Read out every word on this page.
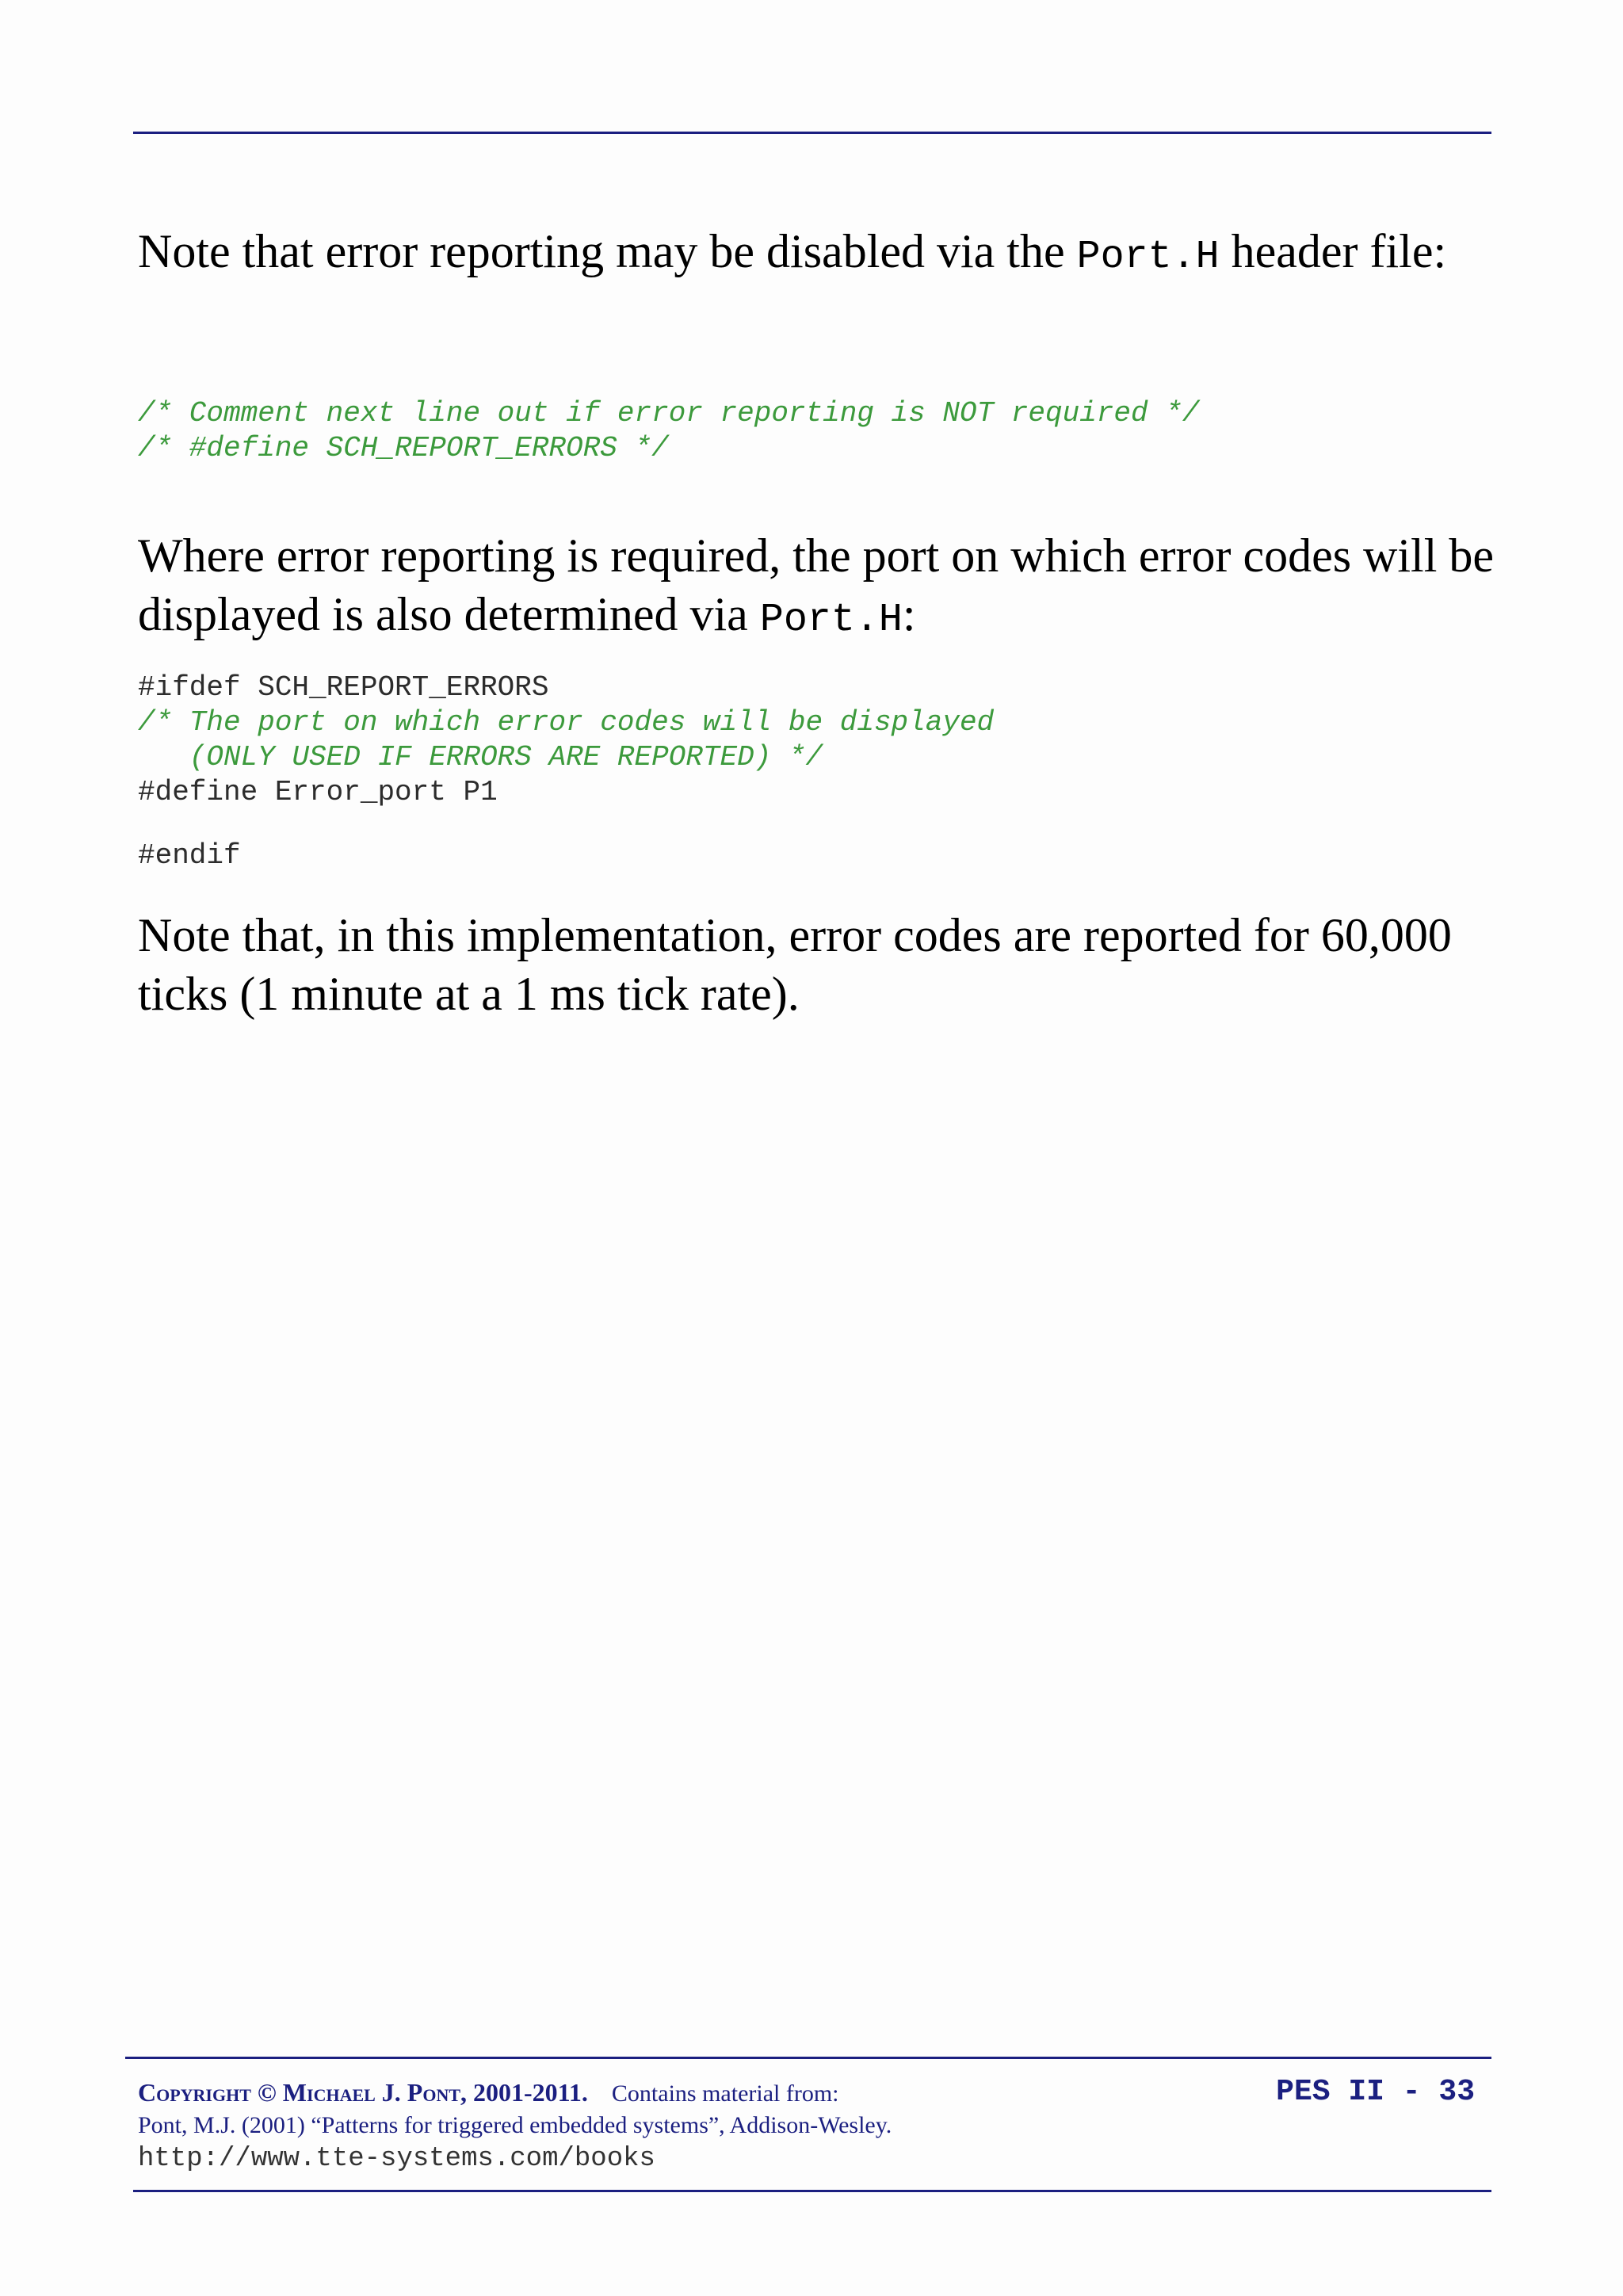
Note that error reporting may be disabled via the Port.H header file:

/* Comment next line out if error reporting is NOT required */
/* #define SCH_REPORT_ERRORS */

Where error reporting is required, the port on which error codes will be displayed is also determined via Port.H:

#ifdef SCH_REPORT_ERRORS
/* The port on which error codes will be displayed
(ONLY USED IF ERRORS ARE REPORTED) */
#define Error_port P1
#endif

Note that, in this implementation, error codes are reported for 60,000 ticks (1 minute at a 1 ms tick rate).

Copyright © Michael J. Pont, 2001-2011. Contains material from:
Pont, M.J. (2001) “Patterns for triggered embedded systems”, Addison-Wesley.
http://www.tte-systems.com/books
PES II - 33
